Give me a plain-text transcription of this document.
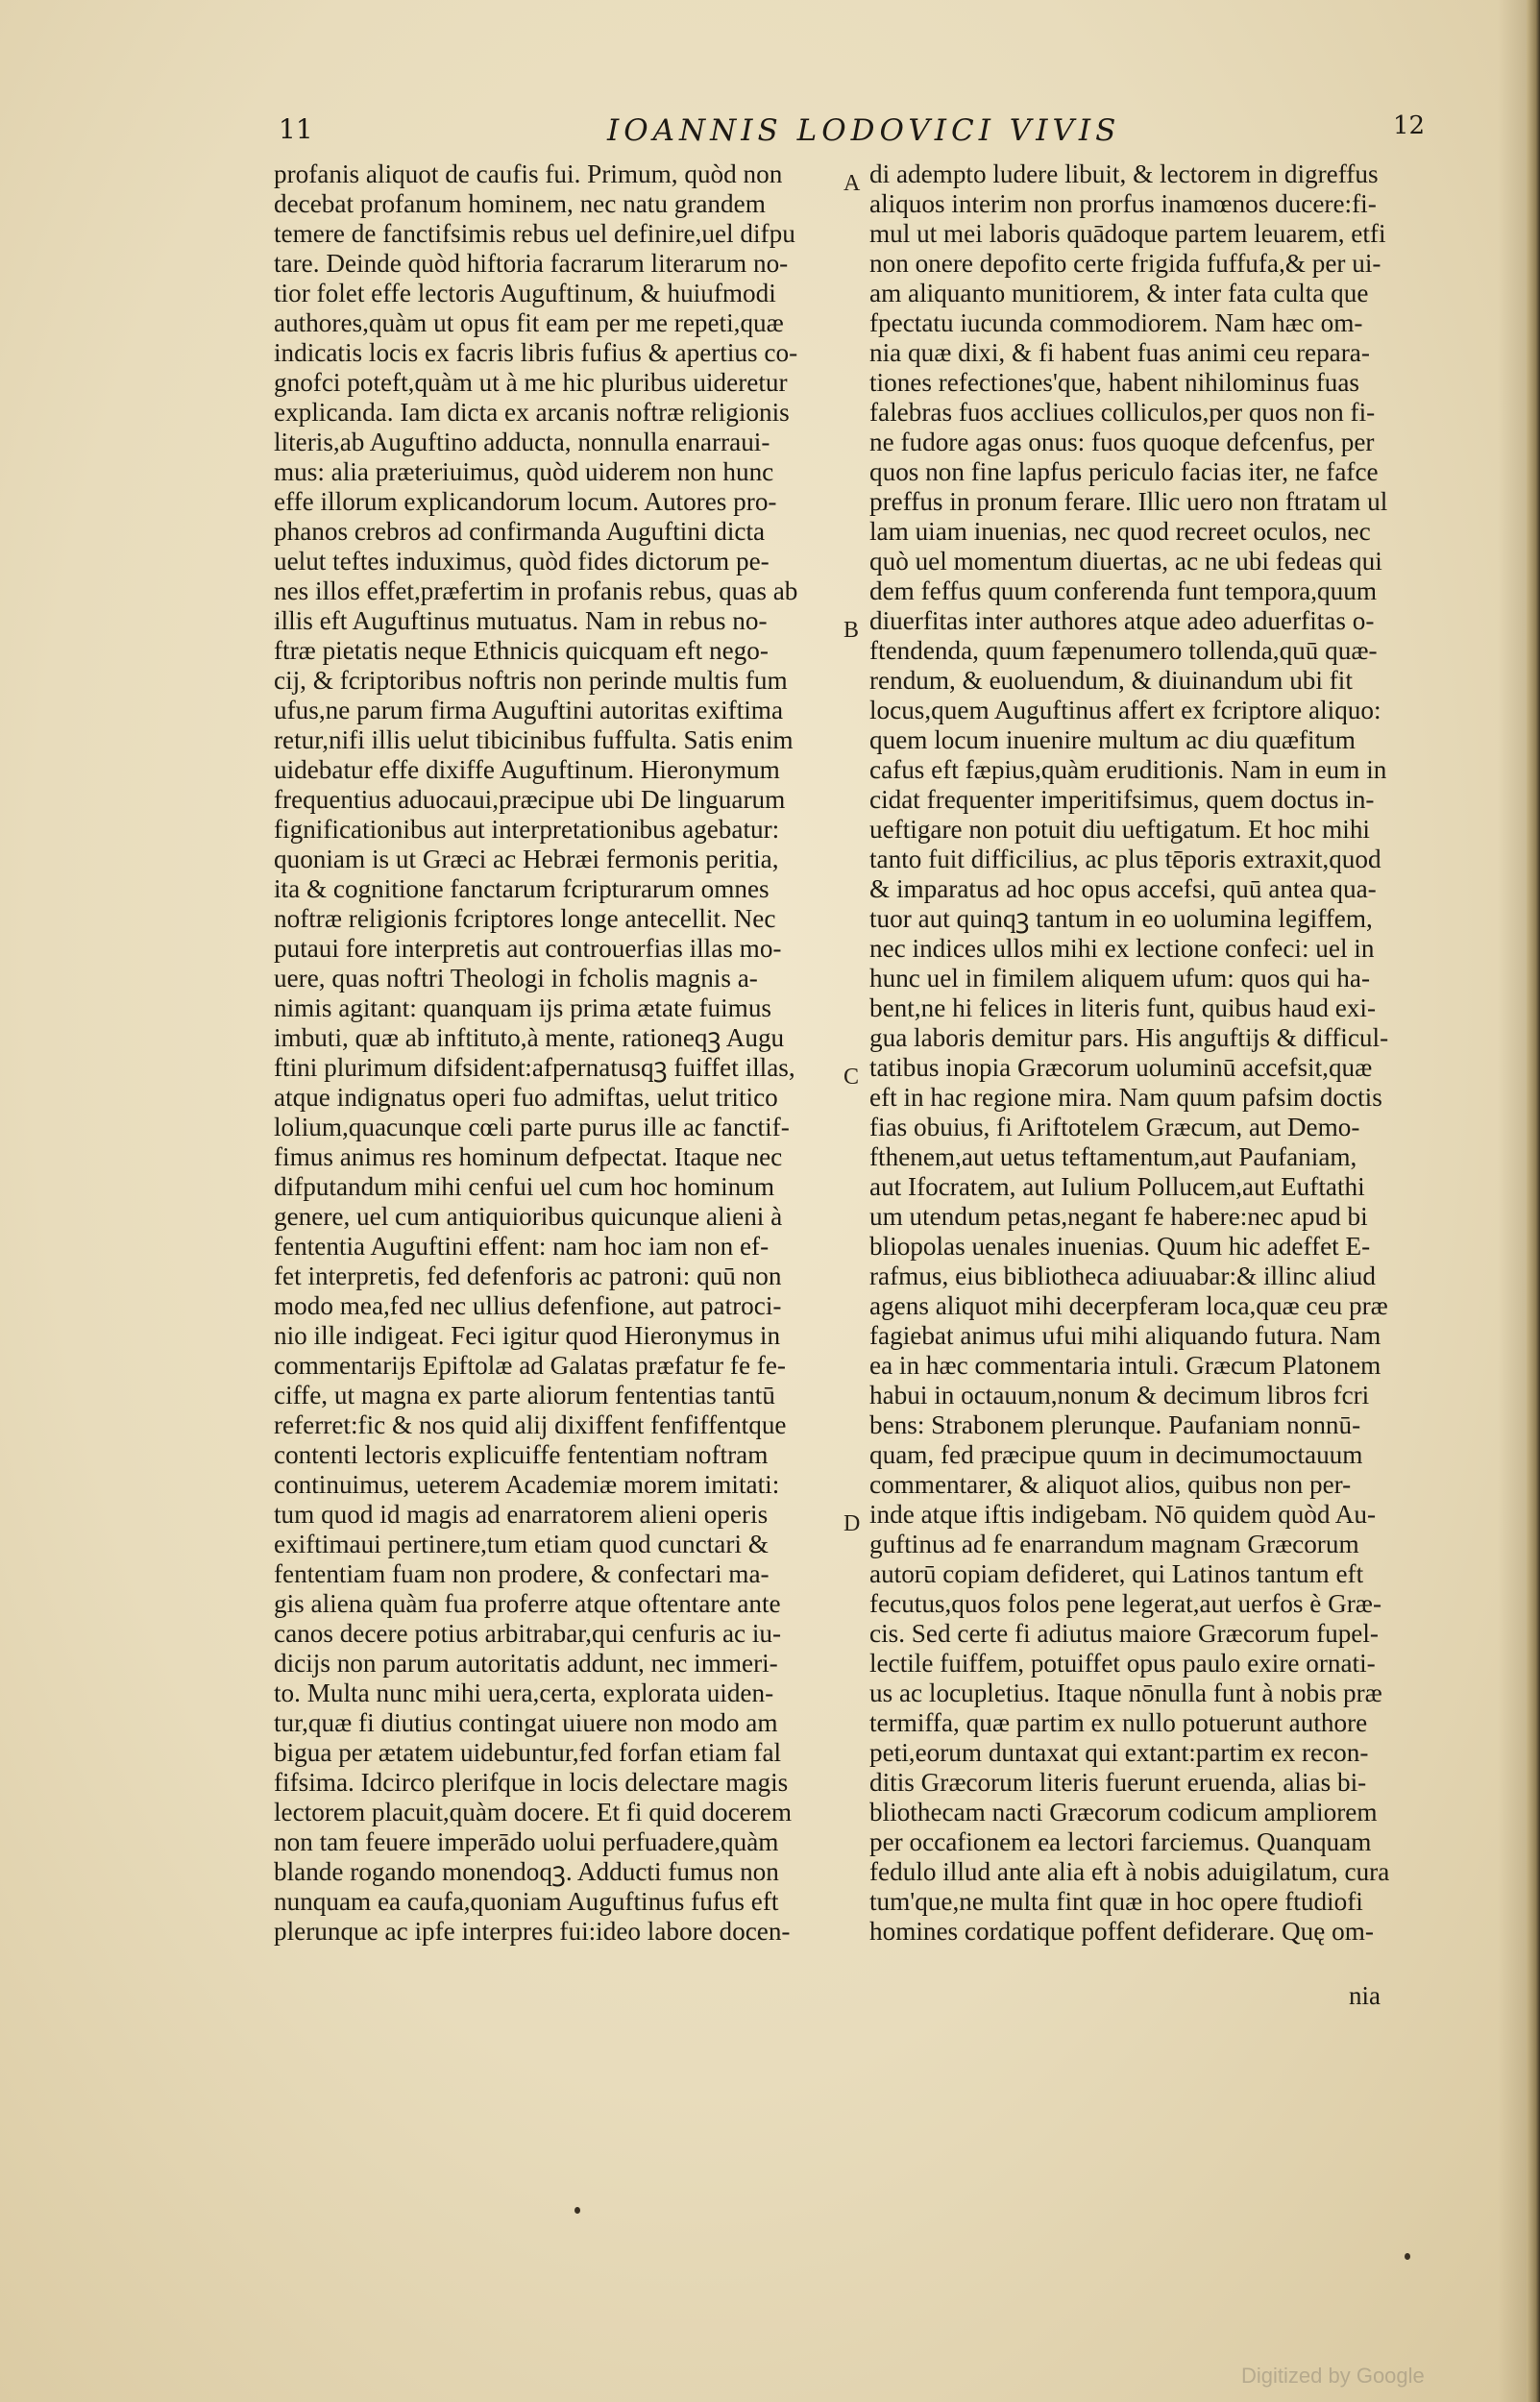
11	IOANNIS LODOVICI VIVIS	12
profanis aliquot de caufis fui. Primum, quòd non
decebat profanum hominem, nec natu grandem
temere de fanctifsimis rebus uel definire,uel difpu
tare. Deinde quòd hiftoria facrarum literarum no-
tior folet effe lectoris Auguftinum, & huiufmodi
authores,quàm ut opus fit eam per me repeti,quæ
indicatis locis ex facris libris fufius & apertius co-
gnofci poteft,quàm ut à me hic pluribus uideretur
explicanda. Iam dicta ex arcanis noftræ religionis
literis,ab Auguftino adducta, nonnulla enarraui-
mus: alia præteriuimus, quòd uiderem non hunc
effe illorum explicandorum locum. Autores pro-
phanos crebros ad confirmanda Auguftini dicta
uelut teftes induximus, quòd fides dictorum pe-
nes illos effet,præfertim in profanis rebus, quas ab
illis eft Auguftinus mutuatus. Nam in rebus no-
ftræ pietatis neque Ethnicis quicquam eft nego-
cij, & fcriptoribus noftris non perinde multis fum
ufus,ne parum firma Auguftini autoritas exiftima
retur,nifi illis uelut tibicinibus fuffulta. Satis enim
uidebatur effe dixiffe Auguftinum. Hieronymum
frequentius aduocaui,præcipue ubi De linguarum
fignificationibus aut interpretationibus agebatur:
quoniam is ut Græci ac Hebræi fermonis peritia,
ita & cognitione fanctarum fcripturarum omnes
noftræ religionis fcriptores longe antecellit. Nec
putaui fore interpretis aut controuerfias illas mo-
uere, quas noftri Theologi in fcholis magnis a-
nimis agitant: quanquam ijs prima ætate fuimus
imbuti, quæ ab inftituto,à mente, rationeqꝫ Augu
ftini plurimum difsident:afpernatusqꝫ fuiffet illas,
atque indignatus operi fuo admiftas, uelut tritico
lolium,quacunque cœli parte purus ille ac fanctif-
fimus animus res hominum defpectat. Itaque nec
difputandum mihi cenfui uel cum hoc hominum
genere, uel cum antiquioribus quicunque alieni à
fententia Auguftini effent: nam hoc iam non ef-
fet interpretis, fed defenforis ac patroni: quū non
modo mea,fed nec ullius defenfione, aut patroci-
nio ille indigeat. Feci igitur quod Hieronymus in
commentarijs Epiftolæ ad Galatas præfatur fe fe-
ciffe, ut magna ex parte aliorum fententias tantū
referret:fic & nos quid alij dixiffent fenfiffentque
contenti lectoris explicuiffe fententiam noftram
continuimus, ueterem Academiæ morem imitati:
tum quod id magis ad enarratorem alieni operis
exiftimaui pertinere,tum etiam quod cunctari &
fententiam fuam non prodere, & confectari ma-
gis aliena quàm fua proferre atque oftentare ante
canos decere potius arbitrabar,qui cenfuris ac iu-
dicijs non parum autoritatis addunt, nec immeri-
to. Multa nunc mihi uera,certa, explorata uiden-
tur,quæ fi diutius contingat uiuere non modo am
bigua per ætatem uidebuntur,fed forfan etiam fal
fifsima. Idcirco plerifque in locis delectare magis
lectorem placuit,quàm docere. Et fi quid docerem
non tam feuere imperādo uolui perfuadere,quàm
blande rogando monendoqꝫ. Adducti fumus non
nunquam ea caufa,quoniam Auguftinus fufus eft
plerunque ac ipfe interpres fui:ideo labore docen-
di adempto ludere libuit, & lectorem in digreffus
aliquos interim non prorfus inamœnos ducere:fi-
mul ut mei laboris quādoque partem leuarem, etfi
non onere depofito certe frigida fuffufa,& per ui-
am aliquanto munitiorem, & inter fata culta que
fpectatu iucunda commodiorem. Nam hæc om-
nia quæ dixi, & fi habent fuas animi ceu repara-
tiones refectiones'que, habent nihilominus fuas
falebras fuos accliues colliculos,per quos non fi-
ne fudore agas onus: fuos quoque defcenfus, per
quos non fine lapfus periculo facias iter, ne fafce
preffus in pronum ferare. Illic uero non ftratam ul
lam uiam inuenias, nec quod recreet oculos, nec
quò uel momentum diuertas, ac ne ubi fedeas qui
dem feffus quum conferenda funt tempora,quum
diuerfitas inter authores atque adeo aduerfitas o-
ftendenda, quum fæpenumero tollenda,quū quæ-
rendum, & euoluendum, & diuinandum ubi fit
locus,quem Auguftinus affert ex fcriptore aliquo:
quem locum inuenire multum ac diu quæfitum
cafus eft fæpius,quàm eruditionis. Nam in eum in
cidat frequenter imperitifsimus, quem doctus in-
ueftigare non potuit diu ueftigatum. Et hoc mihi
tanto fuit difficilius, ac plus tēporis extraxit,quod
& imparatus ad hoc opus accefsi, quū antea qua-
tuor aut quinqꝫ tantum in eo uolumina legiffem,
nec indices ullos mihi ex lectione confeci: uel in
hunc uel in fimilem aliquem ufum: quos qui ha-
bent,ne hi felices in literis funt, quibus haud exi-
gua laboris demitur pars. His anguftijs & difficul-
tatibus inopia Græcorum uoluminū accefsit,quæ
eft in hac regione mira. Nam quum pafsim doctis
fias obuius, fi Ariftotelem Græcum, aut Demo-
fthenem,aut uetus teftamentum,aut Paufaniam,
aut Ifocratem, aut Iulium Pollucem,aut Euftathi
um utendum petas,negant fe habere:nec apud bi
bliopolas uenales inuenias. Quum hic adeffet E-
rafmus, eius bibliotheca adiuuabar:& illinc aliud
agens aliquot mihi decerpferam loca,quæ ceu præ
fagiebat animus ufui mihi aliquando futura. Nam
ea in hæc commentaria intuli. Græcum Platonem
habui in octauum,nonum & decimum libros fcri
bens: Strabonem plerunque. Paufaniam nonnū-
quam, fed præcipue quum in decimumoctauum
commentarer, & aliquot alios, quibus non per-
inde atque iftis indigebam. Nō quidem quòd Au-
guftinus ad fe enarrandum magnam Græcorum
autorū copiam defideret, qui Latinos tantum eft
fecutus,quos folos pene legerat,aut uerfos è Græ-
cis. Sed certe fi adiutus maiore Græcorum fupel-
lectile fuiffem, potuiffet opus paulo exire ornati-
us ac locupletius. Itaque nōnulla funt à nobis præ
termiffa, quæ partim ex nullo potuerunt authore
peti,eorum duntaxat qui extant:partim ex recon-
ditis Græcorum literis fuerunt eruenda, alias bi-
bliothecam nacti Græcorum codicum ampliorem
per occafionem ea lectori farciemus. Quanquam
fedulo illud ante alia eft à nobis aduigilatum, cura
tum'que,ne multa fint quæ in hoc opere ftudiofi
homines cordatique poffent defiderare. Quę om-
A
B
C
D
nia
Digitized by Google
